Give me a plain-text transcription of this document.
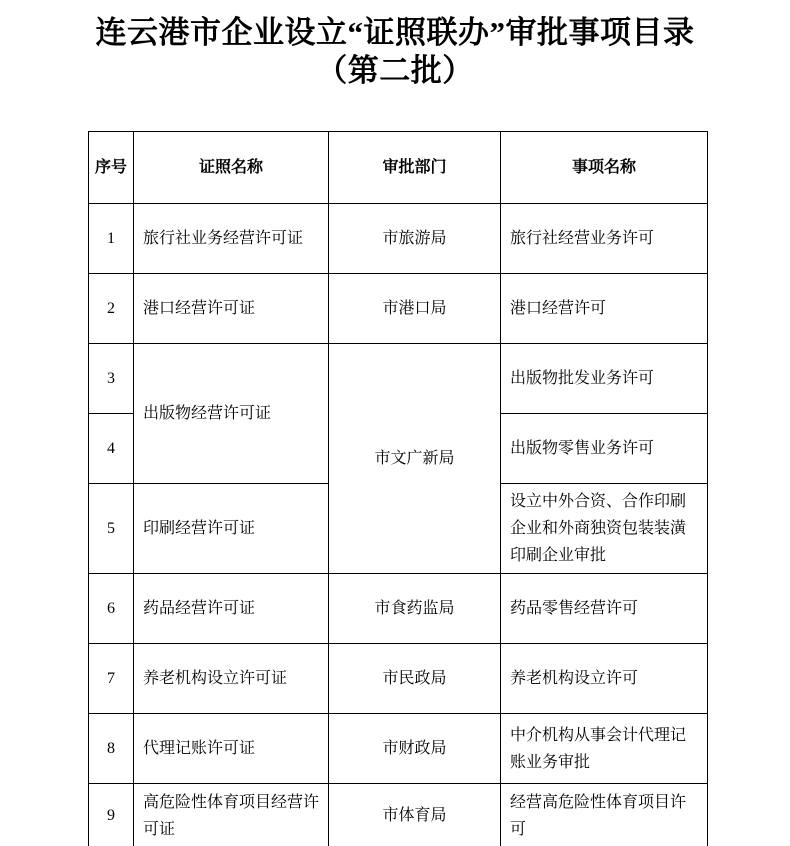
连云港市企业设立“证照联办”审批事项目录
（第二批）
序号	证照名称	审批部门	事项名称
1	旅行社业务经营许可证	市旅游局	旅行社经营业务许可
2	港口经营许可证	市港口局	港口经营许可
3	出版物经营许可证	市文广新局	出版物批发业务许可
4			出版物零售业务许可
5	印刷经营许可证		设立中外合资、合作印刷企业和外商独资包装装潢印刷企业审批
6	药品经营许可证	市食药监局	药品零售经营许可
7	养老机构设立许可证	市民政局	养老机构设立许可
8	代理记账许可证	市财政局	中介机构从事会计代理记账业务审批
9	高危险性体育项目经营许可证	市体育局	经营高危险性体育项目许可
